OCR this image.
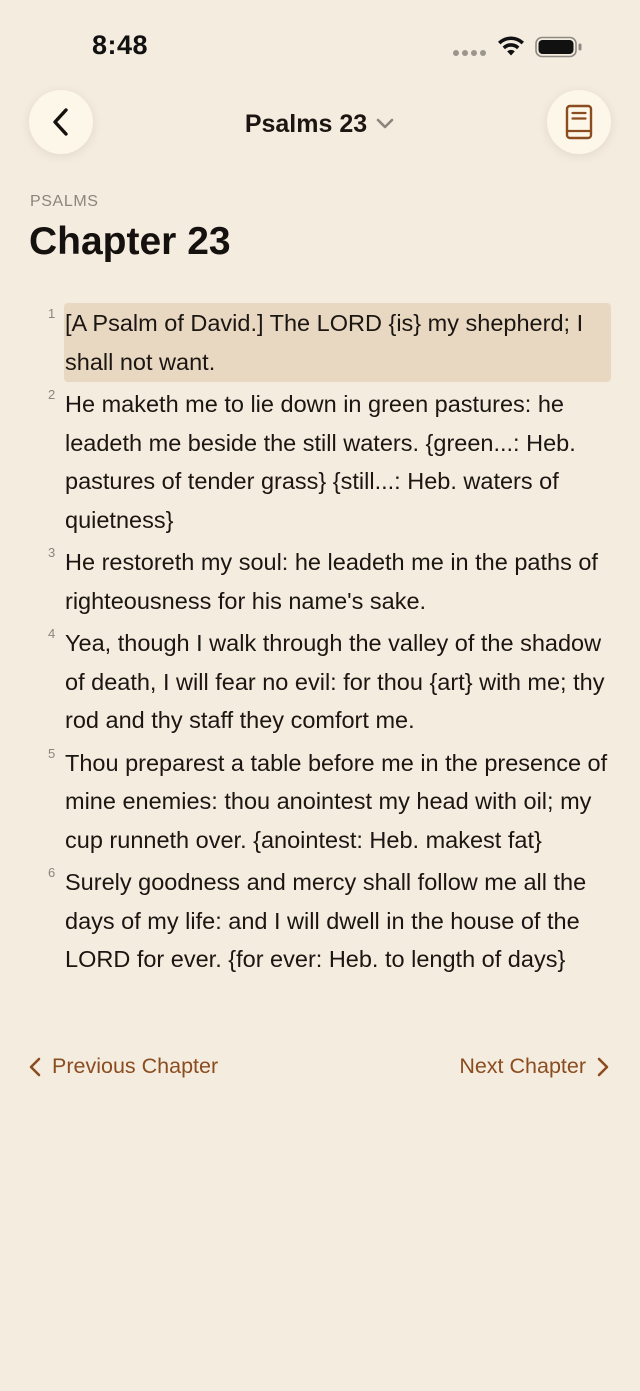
8:48
Psalms 23
PSALMS
Chapter 23
1 [A Psalm of David.] The LORD {is} my shepherd; I shall not want.
2 He maketh me to lie down in green pastures: he leadeth me beside the still waters. {green...: Heb. pastures of tender grass} {still...: Heb. waters of quietness}
3 He restoreth my soul: he leadeth me in the paths of righteousness for his name's sake.
4 Yea, though I walk through the valley of the shadow of death, I will fear no evil: for thou {art} with me; thy rod and thy staff they comfort me.
5 Thou preparest a table before me in the presence of mine enemies: thou anointest my head with oil; my cup runneth over. {anointest: Heb. makest fat}
6 Surely goodness and mercy shall follow me all the days of my life: and I will dwell in the house of the LORD for ever. {for ever: Heb. to length of days}
Previous Chapter	Next Chapter
